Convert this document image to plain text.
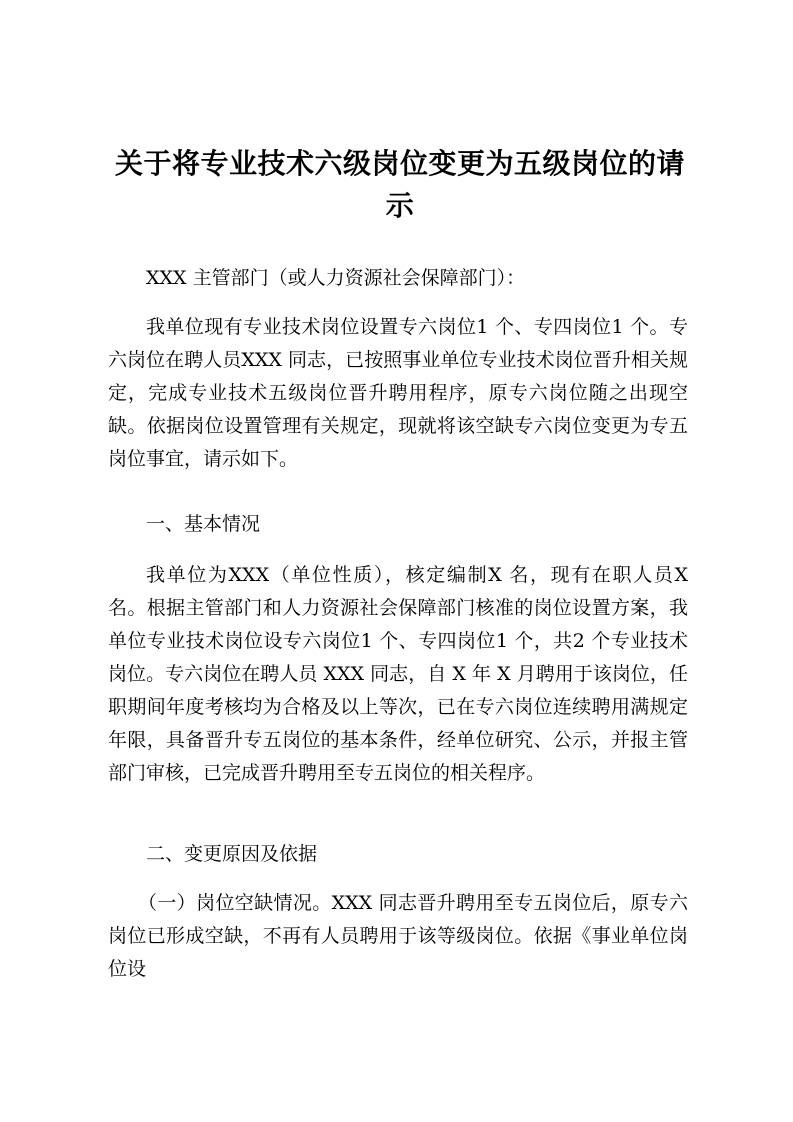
关于将专业技术六级岗位变更为五级岗位的请
示
XXX 主管部门（或人力资源社会保障部门）：
我单位现有专业技术岗位设置专六岗位1 个、专四岗位1 个。专六岗位在聘人员XXX 同志，已按照事业单位专业技术岗位晋升相关规定，完成专业技术五级岗位晋升聘用程序，原专六岗位随之出现空缺。依据岗位设置管理有关规定，现就将该空缺专六岗位变更为专五岗位事宜，请示如下。
一、基本情况
我单位为XXX（单位性质），核定编制X 名，现有在职人员X 名。根据主管部门和人力资源社会保障部门核准的岗位设置方案，我单位专业技术岗位设专六岗位1 个、专四岗位1 个，共2 个专业技术岗位。专六岗位在聘人员 XXX 同志，自 X 年 X 月聘用于该岗位，任职期间年度考核均为合格及以上等次，已在专六岗位连续聘用满规定年限，具备晋升专五岗位的基本条件，经单位研究、公示，并报主管部门审核，已完成晋升聘用至专五岗位的相关程序。
二、变更原因及依据
（一）岗位空缺情况。XXX 同志晋升聘用至专五岗位后，原专六岗位已形成空缺，不再有人员聘用于该等级岗位。依据《事业单位岗位设
